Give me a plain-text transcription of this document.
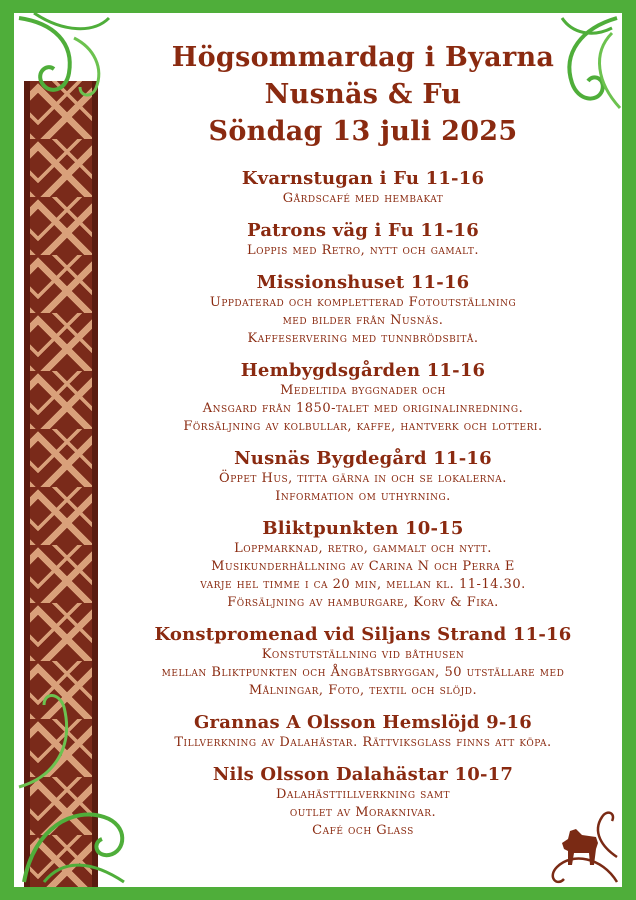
Högsommardag i Byarna
Nusnäs & Fu
Söndag 13 juli 2025
Kvarnstugan i Fu 11-16
Gårdscafé med hembakat
Patrons väg i Fu 11-16
Loppis med Retro, nytt och gamalt.
Missionshuset 11-16
Uppdaterad och kompletterad Fotoutställning
med bilder från Nusnäs.
Kaffeservering med tunnbrödsbitå.
Hembygdsgården 11-16
Medeltida byggnader och
Ansgard från 1850-talet med originalinredning.
Försäljning av kolbullar, kaffe, hantverk och lotteri.
Nusnäs Bygdegård 11-16
Öppet Hus, titta gärna in och se lokalerna.
Information om uthyrning.
Bliktpunkten 10-15
Loppmarknad, retro, gammalt och nytt.
Musikunderhållning av Carina N och Perra E
varje hel timme i ca 20 min, mellan kl. 11-14.30.
Försäljning av hamburgare, Korv & Fika.
Konstpromenad vid Siljans Strand 11-16
Konstutställning vid båthusen
mellan Bliktpunkten och Ångbåtsbryggan, 50 utställare med
Målningar, Foto, textil och slöjd.
Grannas A Olsson Hemslöjd 9-16
Tillverkning av Dalahästar. Rättviksglass finns att köpa.
Nils Olsson Dalahästar 10-17
Dalahästtillverkning samt
outlet av Moraknivar.
Café och Glass
